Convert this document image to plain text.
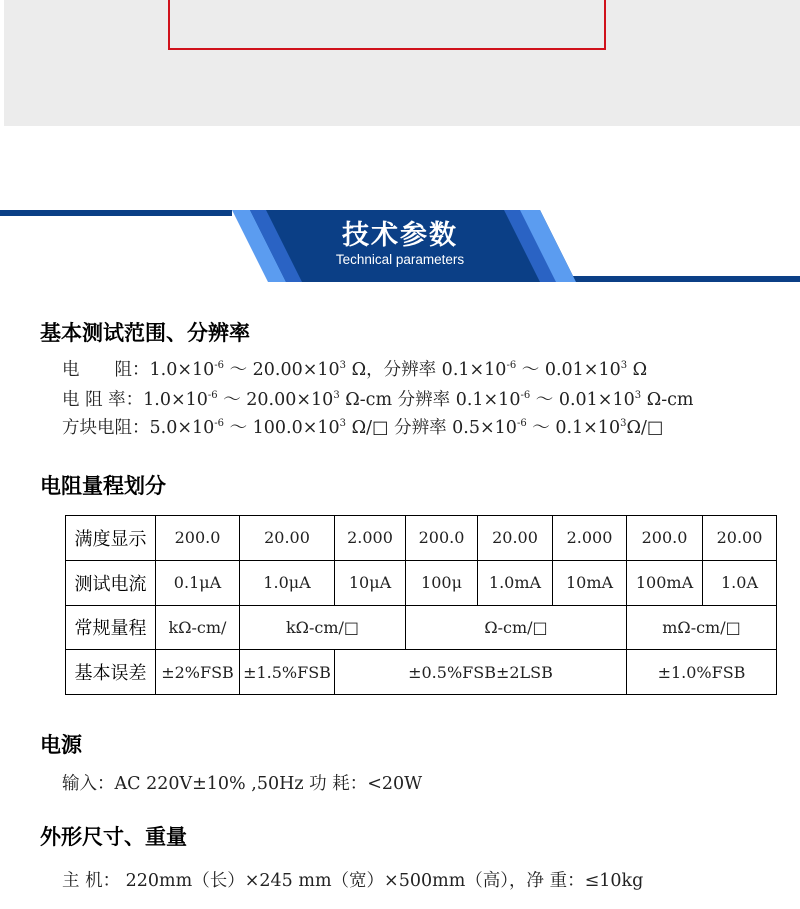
技术参数
Technical parameters
基本测试范围、分辨率
电　　阻：$1.0\times 10^{-6}$ ～ $20.00\times 10^3$ Ω，分辨率 $0.1\times 10^{-6}$ ～ $0.01\times 10^3$ Ω
电 阻 率：$1.0\times 10^{-6}$ ～ $20.00\times 10^3$ Ω-cm 分辨率 $0.1\times 10^{-6}$ ～ $0.01\times 10^3$ Ω-cm
方块电阻：$5.0\times 10^{-6}$ ～ $100.0\times 10^3$ Ω/□ 分辨率 $0.5\times 10^{-6}$ ～ $0.1\times 10^3\Omega/□$
电阻量程划分
满度显示	200.0	20.00	2.000	200.0	20.00	2.000	200.0	20.00
测试电流	0.1μA	1.0μA	10μA	100μ	1.0mA	10mA	100mA	1.0A
常规量程	kΩ-cm/	kΩ-cm/□		Ω-cm/□			mΩ-cm/□	
基本误差	±2%FSB	±1.5%FSB	±0.5%FSB±2LSB				±1.0%FSB	
电源
输入：AC 220V±10% ,50Hz 功 耗：<20W
外形尺寸、重量
主 机： 220mm（长）×245 mm（宽）×500mm（高），净 重：≤10kg
